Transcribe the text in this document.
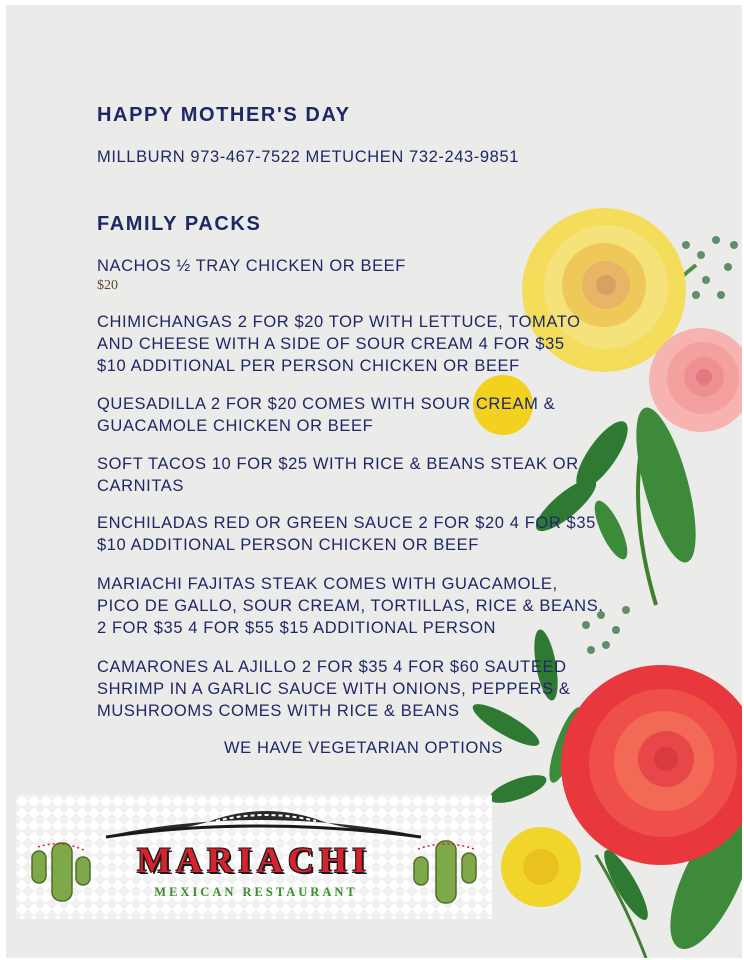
HAPPY MOTHER'S DAY

MILLBURN 973-467-7522 METUCHEN 732-243-9851

FAMILY PACKS

NACHOS ½ TRAY CHICKEN OR BEEF

$20

CHIMICHANGAS 2 FOR $20 TOP WITH LETTUCE, TOMATO

AND CHEESE WITH A SIDE OF SOUR CREAM 4 FOR $35

$10 ADDITIONAL PER PERSON CHICKEN OR BEEF

QUESADILLA 2 FOR $20 COMES WITH SOUR CREAM &

GUACAMOLE CHICKEN OR BEEF

SOFT TACOS 10 FOR $25 WITH RICE & BEANS STEAK OR

CARNITAS

ENCHILADAS RED OR GREEN SAUCE 2 FOR $20 4 FOR $35

$10 ADDITIONAL PERSON CHICKEN OR BEEF

MARIACHI FAJITAS STEAK COMES WITH GUACAMOLE,

PICO DE GALLO, SOUR CREAM, TORTILLAS, RICE & BEANS.

2 FOR $35 4 FOR $55 $15 ADDITIONAL PERSON

CAMARONES AL AJILLO 2 FOR $35 4 FOR $60 SAUTEED

SHRIMP IN A GARLIC SAUCE WITH ONIONS, PEPPERS &

MUSHROOMS COMES WITH RICE & BEANS

WE HAVE VEGETARIAN OPTIONS

MARIACHI
MEXICAN RESTAURANT
